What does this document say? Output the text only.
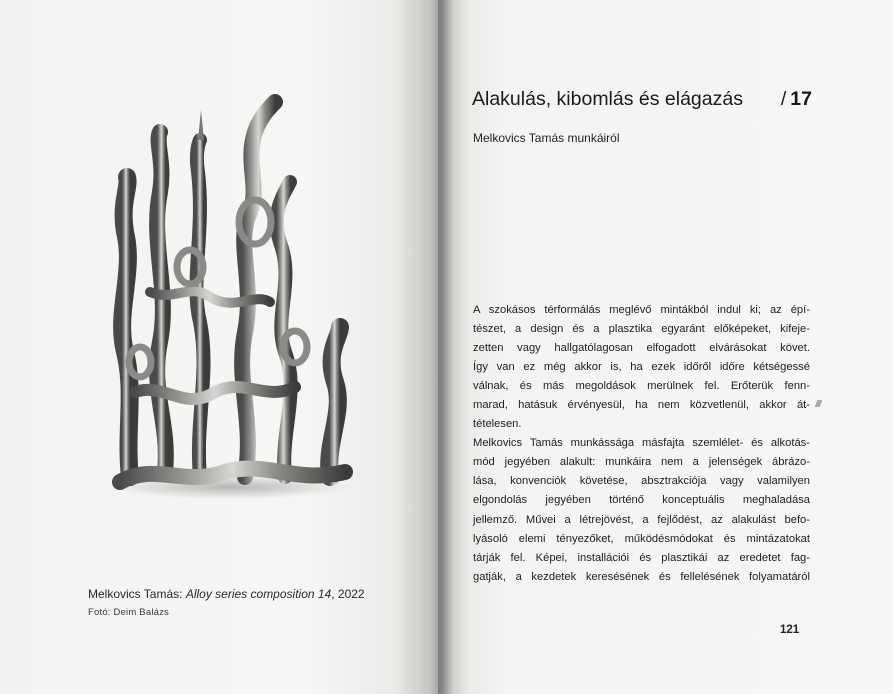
Melkovics Tamás: Alloy series composition 14, 2022
Fotó: Deim Balázs
Alakulás, kibomlás és elágazás / 17
Melkovics Tamás munkáiról
A szokásos térformálás meglévő mintákból indul ki; az épí-
tészet, a design és a plasztika egyaránt előképeket, kifeje-
zetten vagy hallgatólagosan elfogadott elvárásokat követ.
Így van ez még akkor is, ha ezek időről időre kétségessé
válnak, és más megoldások merülnek fel. Erőterük fenn-
marad, hatásuk érvényesül, ha nem közvetlenül, akkor át-
tételesen.
Melkovics Tamás munkássága másfajta szemlélet- és alkotás-
mód jegyében alakult: munkáira nem a jelenségek ábrázo-
lása, konvenciók követése, absztrakciója vagy valamilyen
elgondolás jegyében történő konceptuális meghaladása
jellemző. Művei a létrejövést, a fejlődést, az alakulást befo-
lyásoló elemi tényezőket, működésmódokat és mintázatokat
tárják fel. Képei, installációi és plasztikái az eredetet fag-
gatják, a kezdetek keresésének és fellelésének folyamatáról
121
